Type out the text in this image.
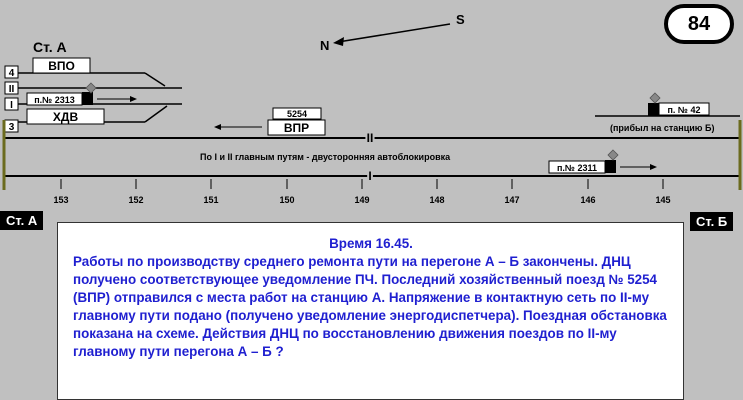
N
S
Ст. А
4
II
I
3
ВПО
ХДВ
п.№ 2313
II
5254
ВПР
п. № 42
(прибыл на станцию Б)
По I и II главным путям - двусторонняя автоблокировка
п.№ 2311
I
153	152	151	150	149	148	147	146	145
Ст. А	Ст. Б
84
Время 16.45.
Работы по производству среднего ремонта пути на перегоне А – Б закончены. ДНЦ получено соответствующее уведомление ПЧ. Последний хозяйственный поезд № 5254 (ВПР) отправился с места работ на станцию А. Напряжение в контактную сеть по II-му главному пути подано (получено уведомление энергодиспетчера). Поездная обстановка показана на схеме. Действия ДНЦ по восстановлению движения поездов по II-му главному пути перегона А – Б ?
